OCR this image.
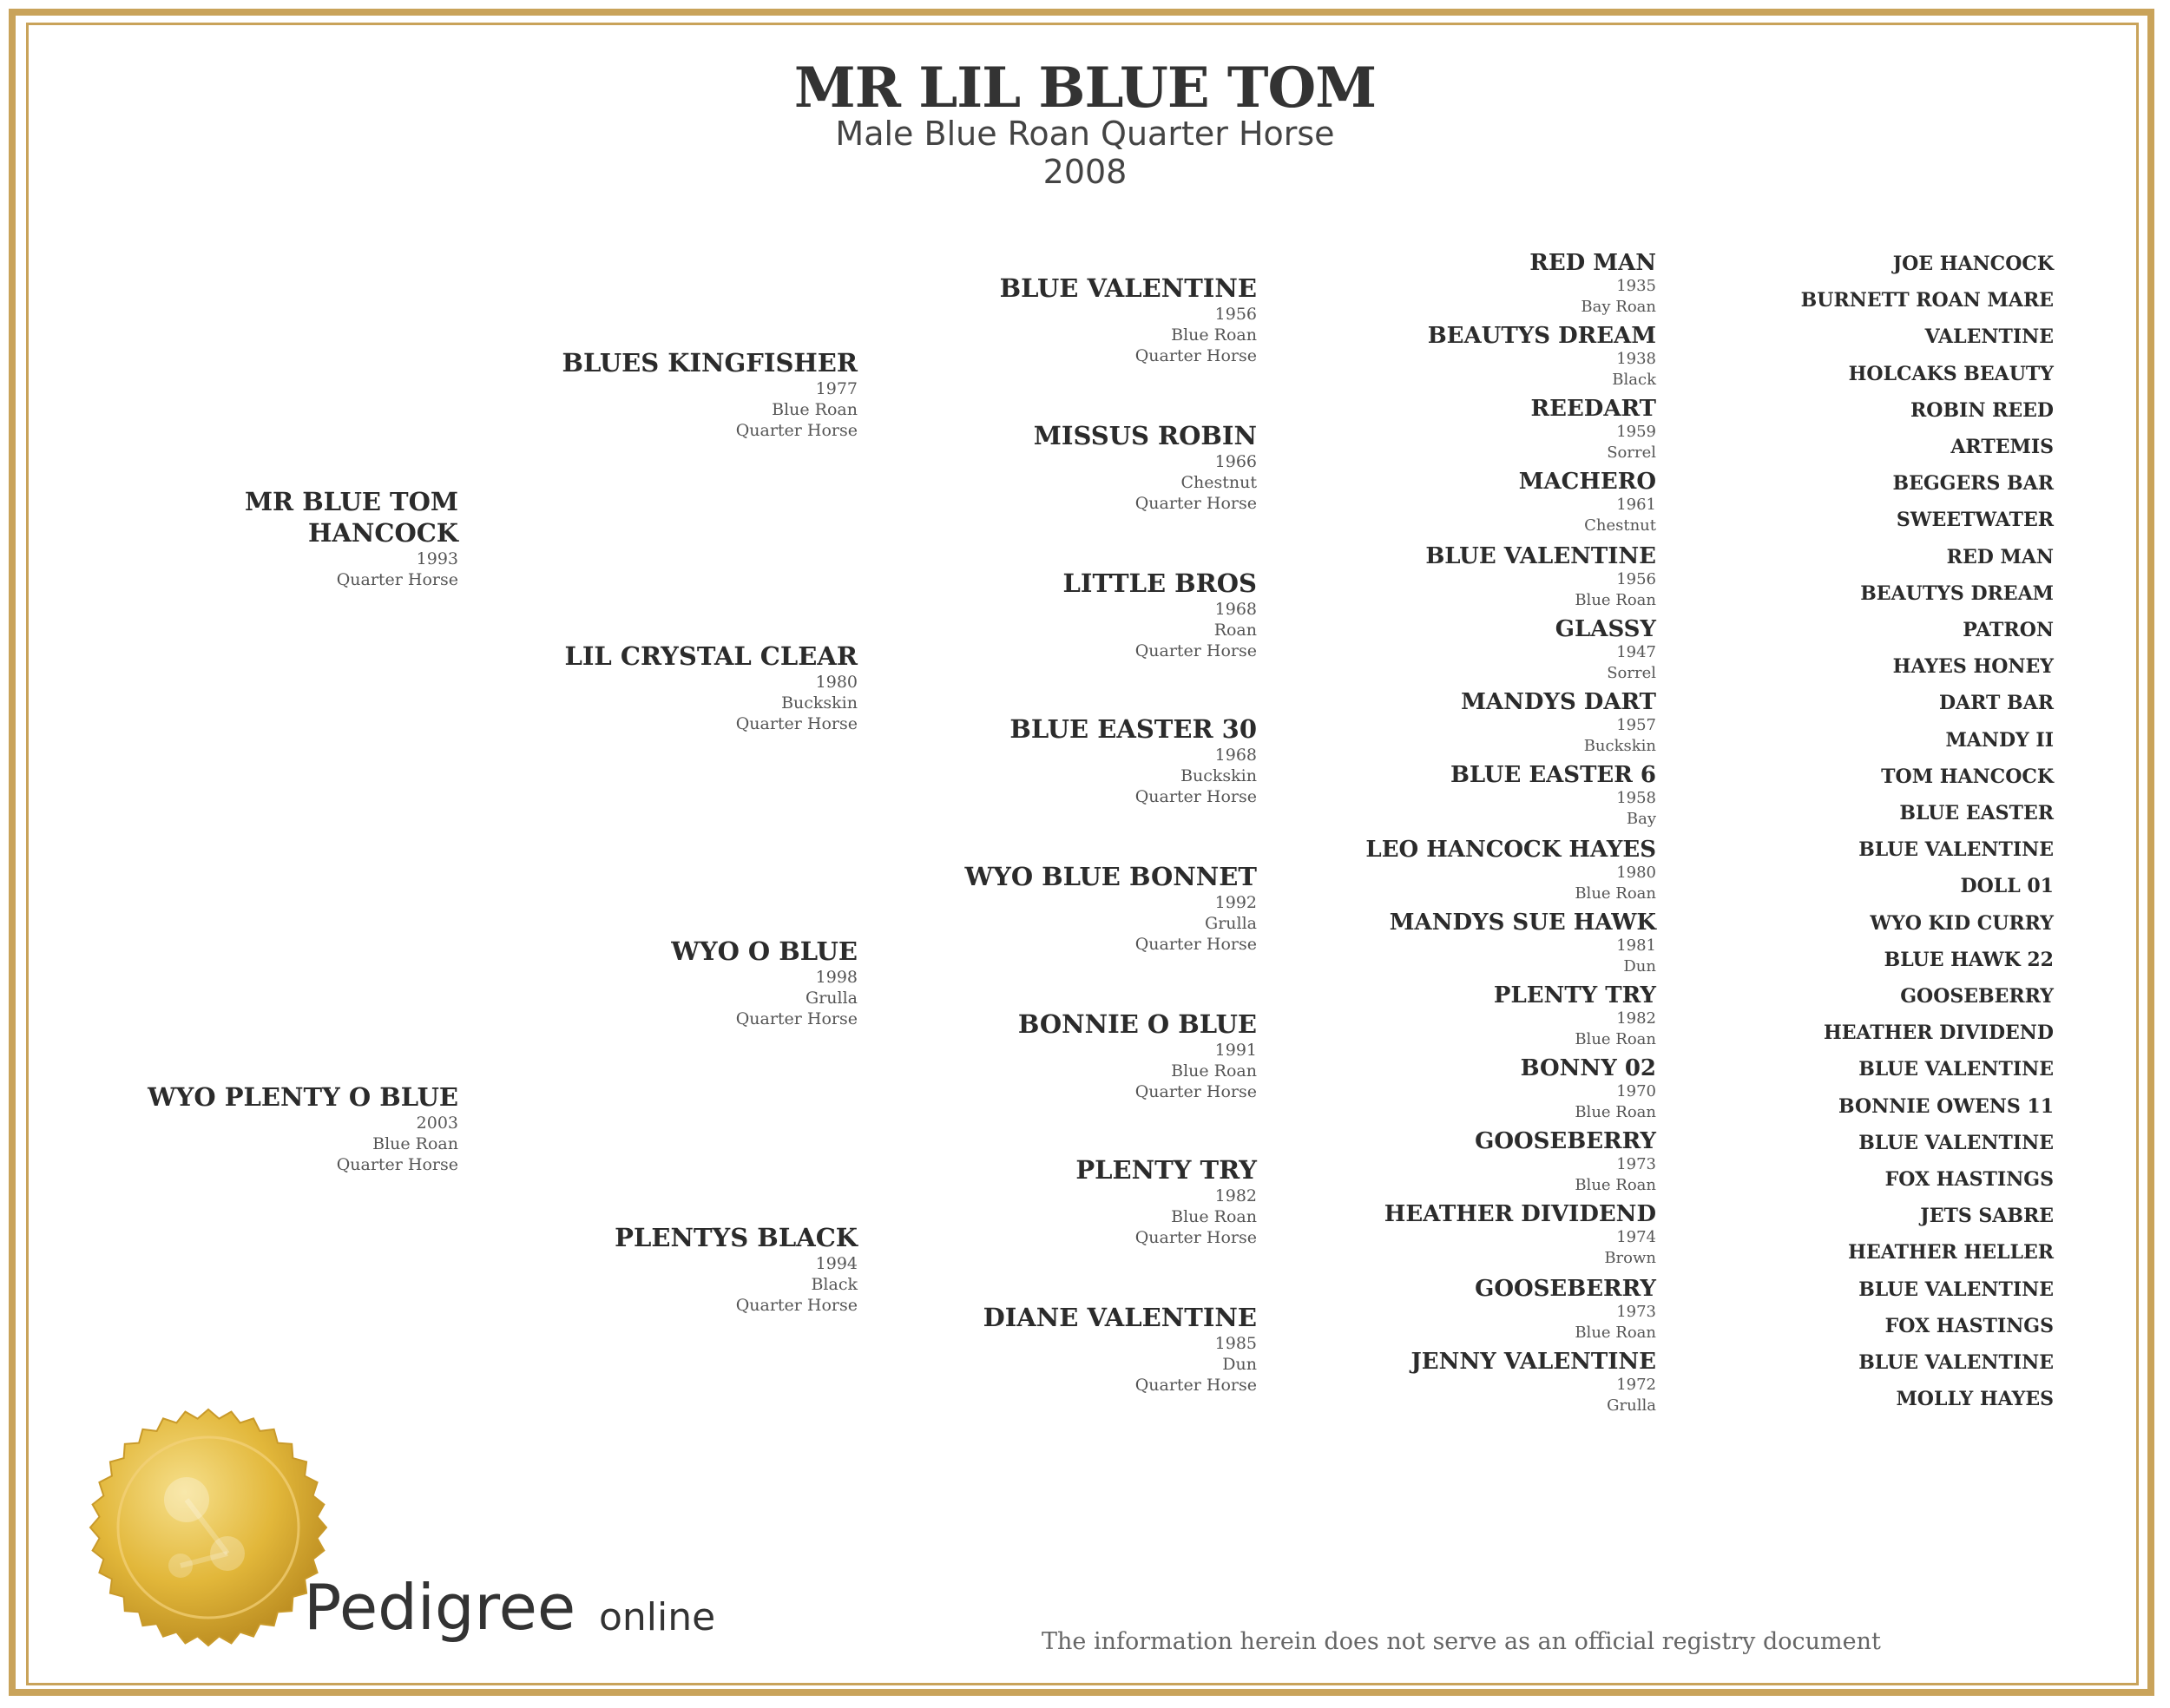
MR LIL BLUE TOM
Male Blue Roan Quarter Horse
2008
MR BLUE TOM HANCOCK
1993
Quarter Horse
WYO PLENTY O BLUE
2003
Blue Roan
Quarter Horse
BLUES KINGFISHER
1977
Blue Roan
Quarter Horse
LIL CRYSTAL CLEAR
1980
Buckskin
Quarter Horse
WYO O BLUE
1998
Grulla
Quarter Horse
PLENTYS BLACK
1994
Black
Quarter Horse
BLUE VALENTINE
1956
Blue Roan
Quarter Horse
MISSUS ROBIN
1966
Chestnut
Quarter Horse
LITTLE BROS
1968
Roan
Quarter Horse
BLUE EASTER 30
1968
Buckskin
Quarter Horse
WYO BLUE BONNET
1992
Grulla
Quarter Horse
BONNIE O BLUE
1991
Blue Roan
Quarter Horse
PLENTY TRY
1982
Blue Roan
Quarter Horse
DIANE VALENTINE
1985
Dun
Quarter Horse
RED MAN
1935
Bay Roan
BEAUTYS DREAM
1938
Black
REEDART
1959
Sorrel
MACHERO
1961
Chestnut
BLUE VALENTINE
1956
Blue Roan
GLASSY
1947
Sorrel
MANDYS DART
1957
Buckskin
BLUE EASTER 6
1958
Bay
LEO HANCOCK HAYES
1980
Blue Roan
MANDYS SUE HAWK
1981
Dun
PLENTY TRY
1982
Blue Roan
BONNY 02
1970
Blue Roan
GOOSEBERRY
1973
Blue Roan
HEATHER DIVIDEND
1974
Brown
GOOSEBERRY
1973
Blue Roan
JENNY VALENTINE
1972
Grulla
JOE HANCOCK
BURNETT ROAN MARE
VALENTINE
HOLCAKS BEAUTY
ROBIN REED
ARTEMIS
BEGGERS BAR
SWEETWATER
RED MAN
BEAUTYS DREAM
PATRON
HAYES HONEY
DART BAR
MANDY II
TOM HANCOCK
BLUE EASTER
BLUE VALENTINE
DOLL 01
WYO KID CURRY
BLUE HAWK 22
GOOSEBERRY
HEATHER DIVIDEND
BLUE VALENTINE
BONNIE OWENS 11
BLUE VALENTINE
FOX HASTINGS
JETS SABRE
HEATHER HELLER
BLUE VALENTINE
FOX HASTINGS
BLUE VALENTINE
MOLLY HAYES
Pedigree online
The information herein does not serve as an official registry document
